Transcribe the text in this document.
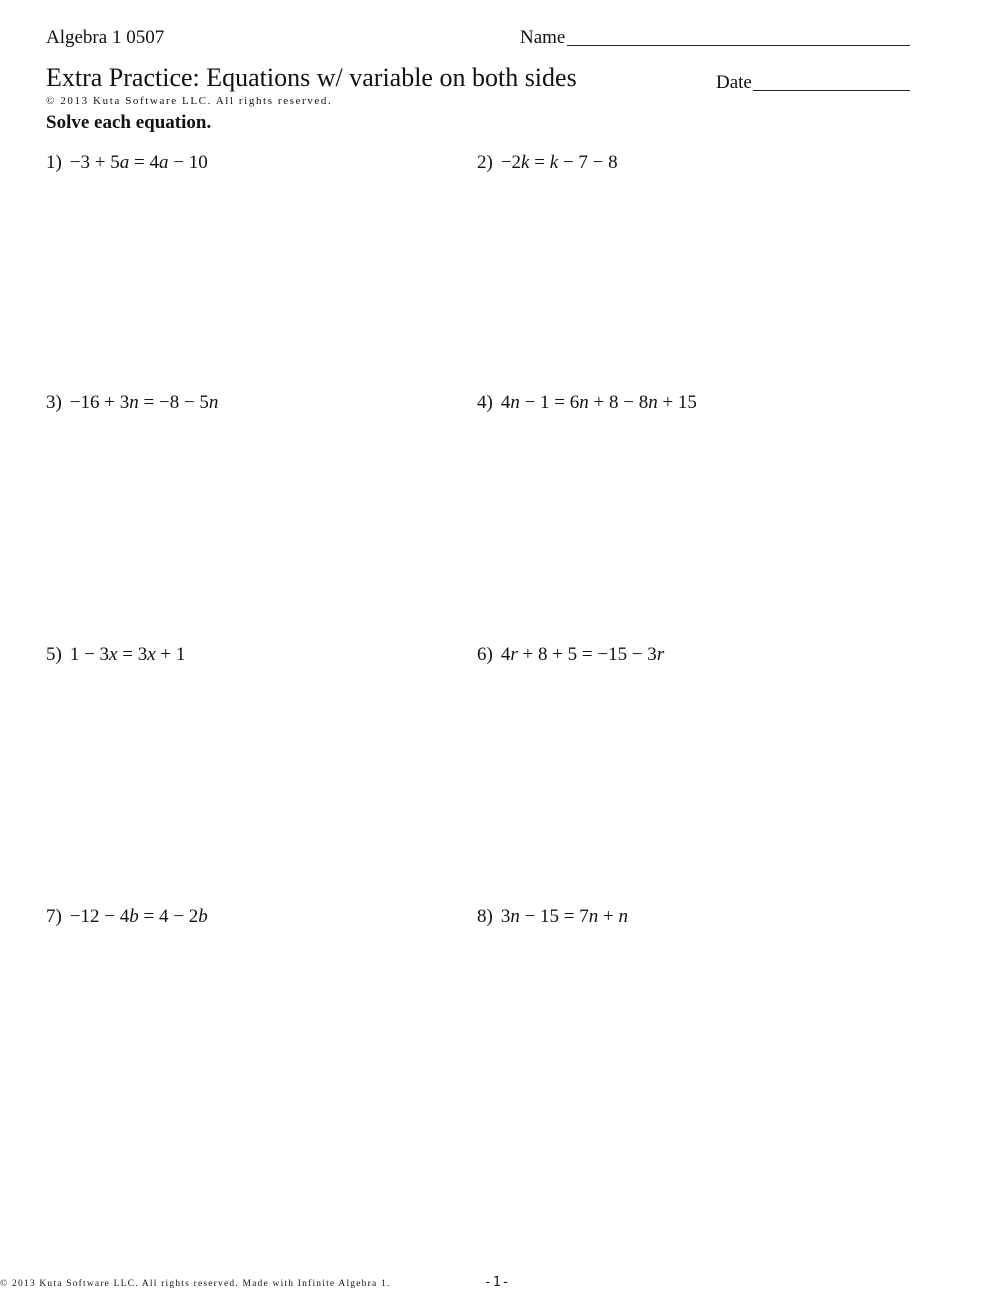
Algebra 1 0507	Name
Extra Practice: Equations w/ variable on both sides	Date
© 2013 Kuta Software LLC. All rights reserved.
Solve each equation.
1) −3 + 5a = 4a − 10	2) −2k = k − 7 − 8
3) −16 + 3n = −8 − 5n	4) 4n − 1 = 6n + 8 − 8n + 15
5) 1 − 3x = 3x + 1	6) 4r + 8 + 5 = −15 − 3r
7) −12 − 4b = 4 − 2b	8) 3n − 15 = 7n + n
© 2013 Kuta Software LLC. All rights reserved. Made with Infinite Algebra 1.	-1-
